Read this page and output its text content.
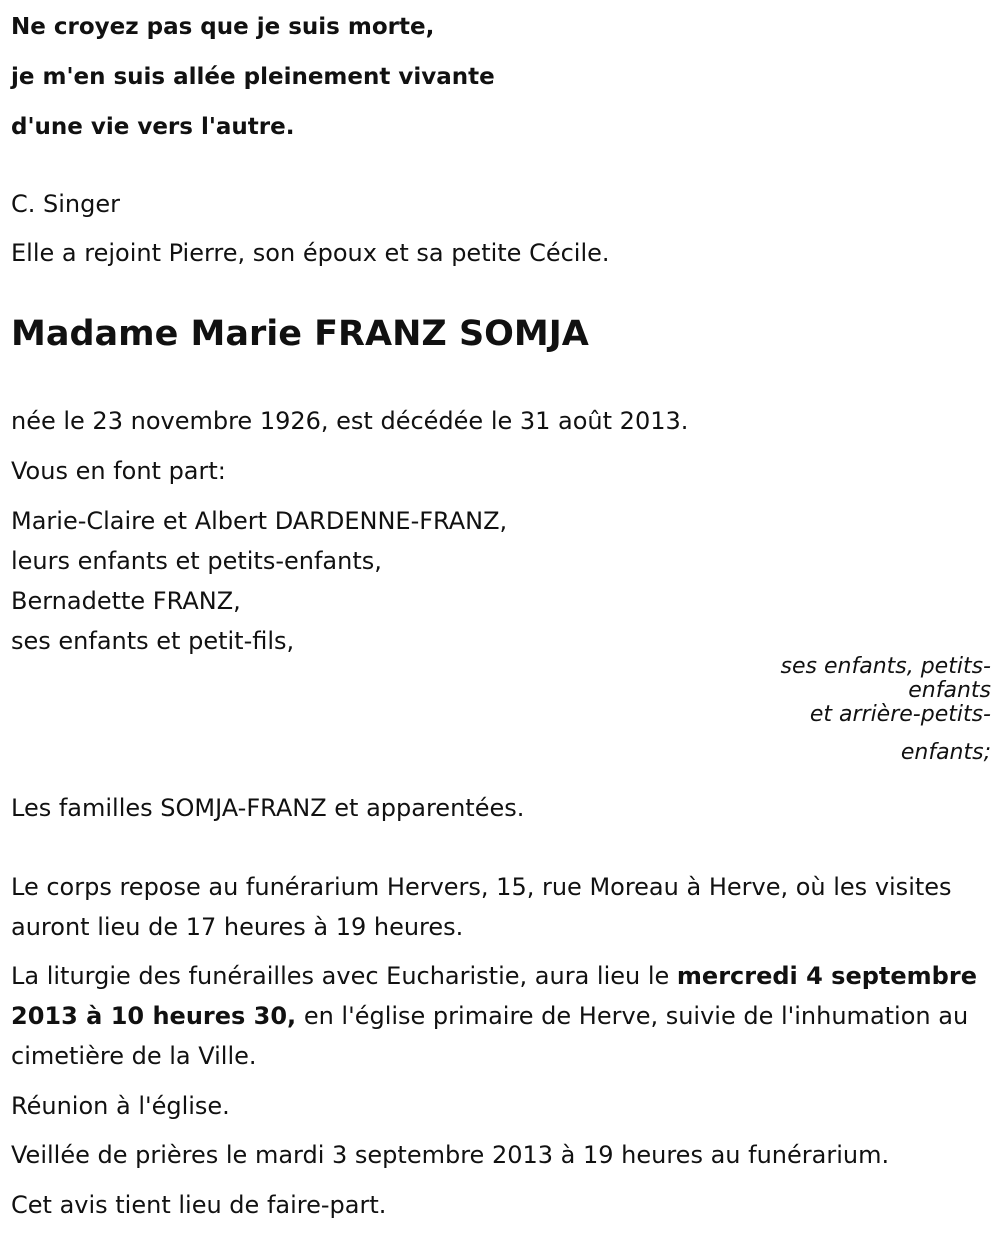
Ne croyez pas que je suis morte,

je m'en suis allée pleinement vivante

d'une vie vers l'autre.

C. Singer

Elle a rejoint Pierre, son époux et sa petite Cécile.

Madame Marie FRANZ SOMJA

née le 23 novembre 1926, est décédée le 31 août 2013.

Vous en font part:

Marie-Claire et Albert DARDENNE-FRANZ,

leurs enfants et petits-enfants,

Bernadette FRANZ,

ses enfants et petit-fils,

ses enfants, petits-
enfants
et arrière-petits-
enfants;

Les familles SOMJA-FRANZ et apparentées.

Le corps repose au funérarium Hervers, 15, rue Moreau à Herve, où les visites auront lieu de 17 heures à 19 heures.

La liturgie des funérailles avec Eucharistie, aura lieu le mercredi 4 septembre 2013 à 10 heures 30, en l'église primaire de Herve, suivie de l'inhumation au cimetière de la Ville.

Réunion à l'église.

Veillée de prières le mardi 3 septembre 2013 à 19 heures au funérarium.

Cet avis tient lieu de faire-part.
